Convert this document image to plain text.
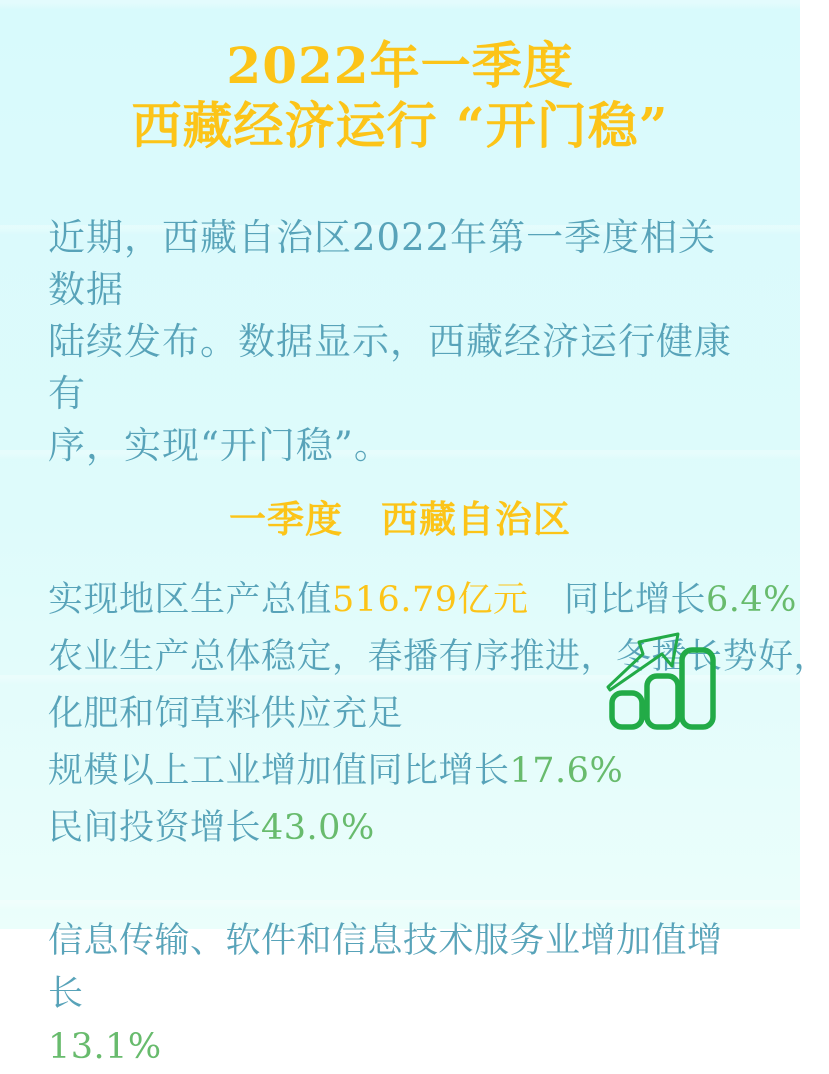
2022年一季度
西藏经济运行 “开门稳”

近期，西藏自治区2022年第一季度相关数据
陆续发布。数据显示，西藏经济运行健康有
序，实现“开门稳”。

一季度　西藏自治区
实现地区生产总值516.79亿元　同比增长6.4%
农业生产总体稳定，春播有序推进，冬播长势好，
化肥和饲草料供应充足
规模以上工业增加值同比增长17.6%
民间投资增长43.0%

信息传输、软件和信息技术服务业增加值增长
13.1%
